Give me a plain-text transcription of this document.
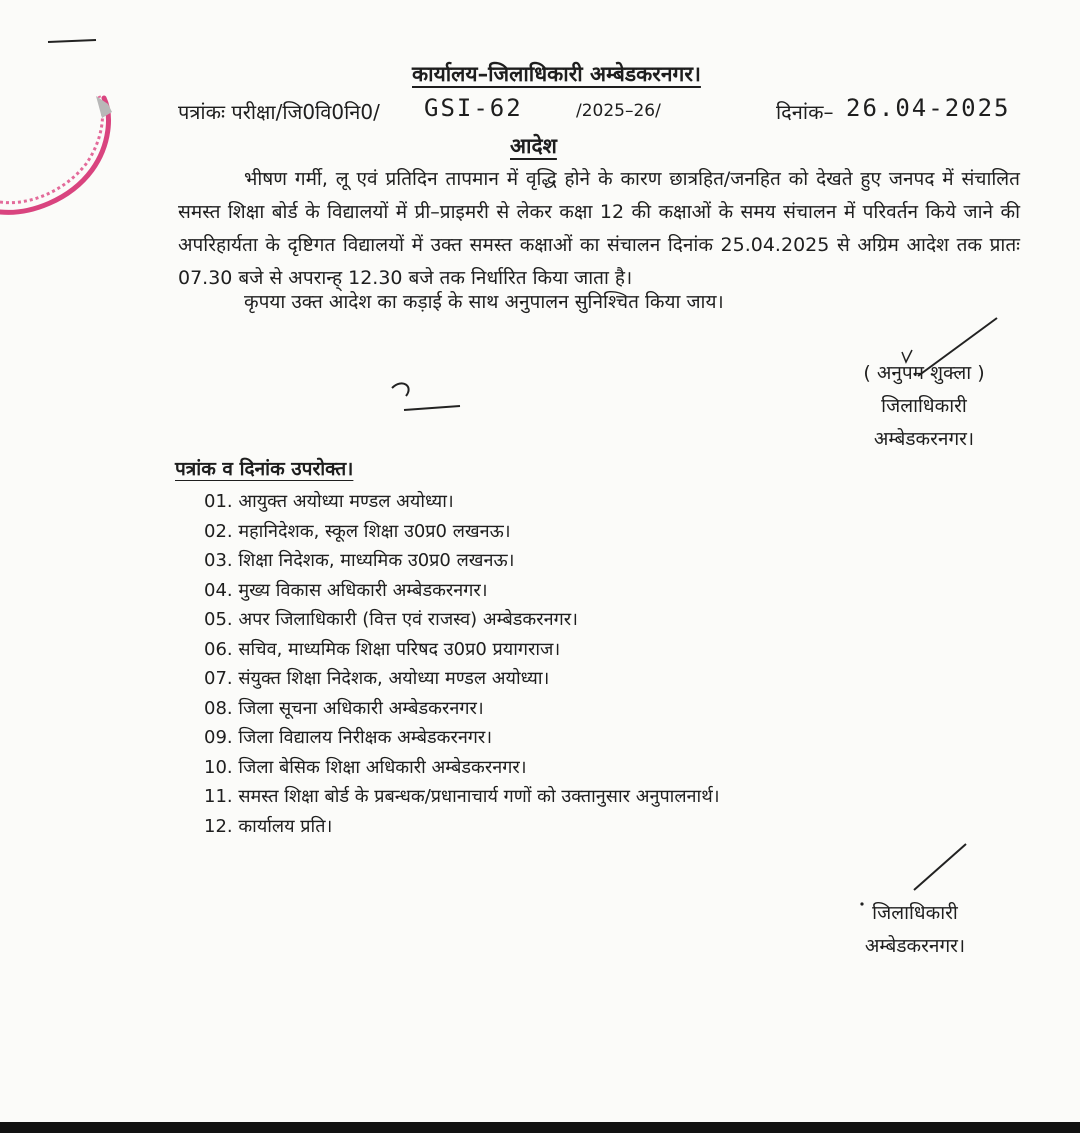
कार्यालय–जिलाधिकारी अम्बेडकरनगर।
पत्रांकः परीक्षा/जि0वि0नि0/ GSI-62	/2025–26/	दिनांक– 26.04-2025
आदेश

भीषण गर्मी, लू एवं प्रतिदिन तापमान में वृद्धि होने के कारण छात्रहित/जनहित को देखते हुए जनपद में संचालित समस्त शिक्षा बोर्ड के विद्यालयों में प्री–प्राइमरी से लेकर कक्षा 12 की कक्षाओं के समय संचालन में परिवर्तन किये जाने की अपरिहार्यता के दृष्टिगत विद्यालयों में उक्त समस्त कक्षाओं का संचालन दिनांक 25.04.2025 से अग्रिम आदेश तक प्रातः 07.30 बजे से अपरान्ह् 12.30 बजे तक निर्धारित किया जाता है।

कृपया उक्त आदेश का कड़ाई के साथ अनुपालन सुनिश्चित किया जाय।
( अनुपम शुक्ला )
जिलाधिकारी
अम्बेडकरनगर।
पत्रांक व दिनांक उपरोक्त।
01. आयुक्त अयोध्या मण्डल अयोध्या।
02. महानिदेशक, स्कूल शिक्षा उ0प्र0 लखनऊ।
03. शिक्षा निदेशक, माध्यमिक उ0प्र0 लखनऊ।
04. मुख्य विकास अधिकारी अम्बेडकरनगर।
05. अपर जिलाधिकारी (वित्त एवं राजस्व) अम्बेडकरनगर।
06. सचिव, माध्यमिक शिक्षा परिषद उ0प्र0 प्रयागराज।
07. संयुक्त शिक्षा निदेशक, अयोध्या मण्डल अयोध्या।
08. जिला सूचना अधिकारी अम्बेडकरनगर।
09. जिला विद्यालय निरीक्षक अम्बेडकरनगर।
10. जिला बेसिक शिक्षा अधिकारी अम्बेडकरनगर।
11. समस्त शिक्षा बोर्ड के प्रबन्धक/प्रधानाचार्य गणों को उक्तानुसार अनुपालनार्थ।
12. कार्यालय प्रति।
जिलाधिकारी
अम्बेडकरनगर।
